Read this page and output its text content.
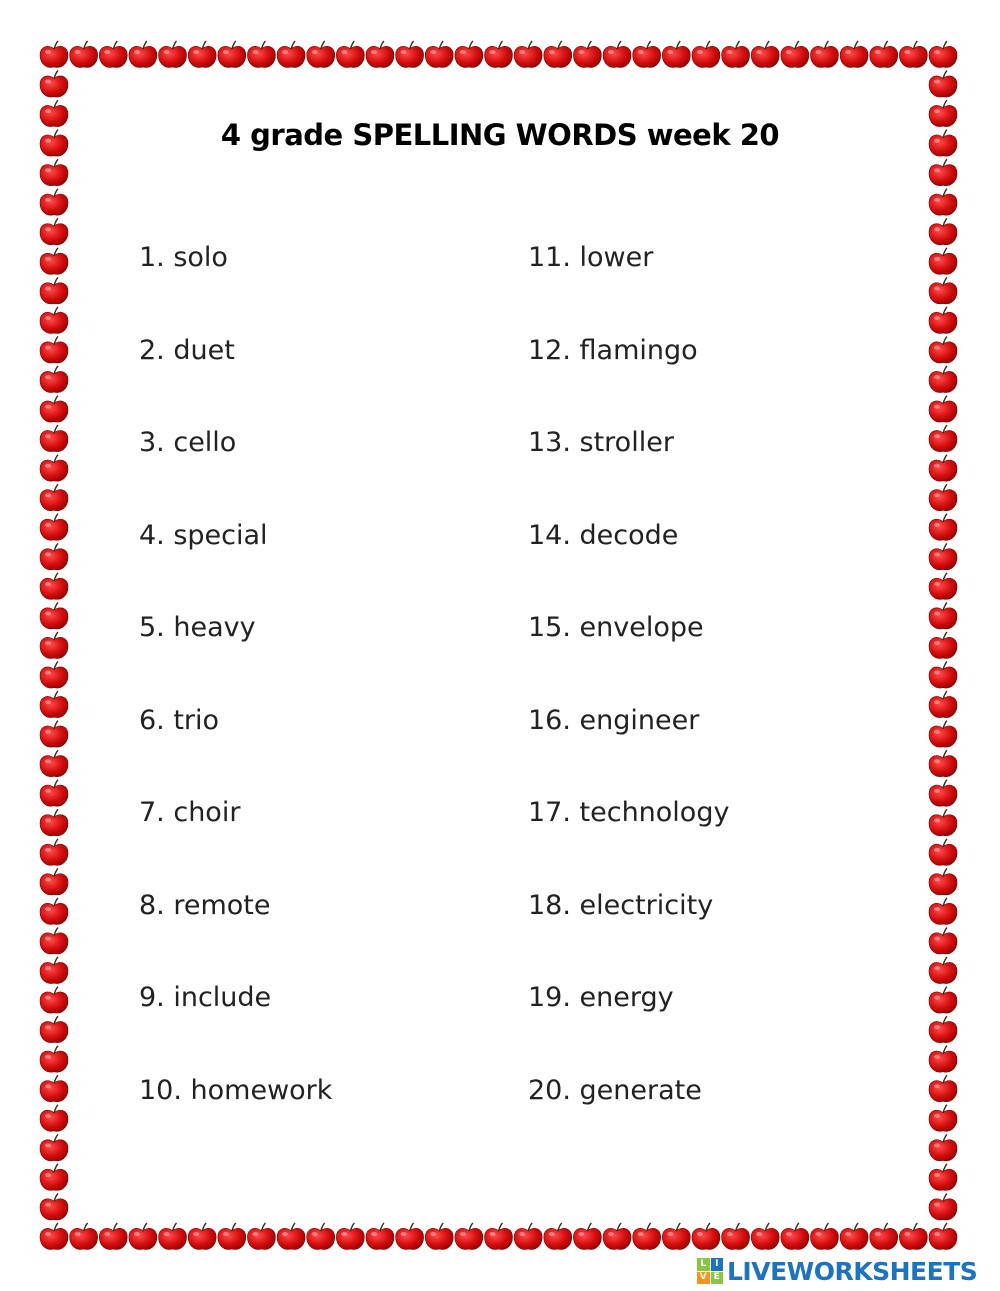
4 grade SPELLING WORDS week 20
1. solo
2. duet
3. cello
4. special
5. heavy
6. trio
7. choir
8. remote
9. include
10. homework
11. lower
12. flamingo
13. stroller
14. decode
15. envelope
16. engineer
17. technology
18. electricity
19. energy
20. generate
L I
V E LIVEWORKSHEETS
